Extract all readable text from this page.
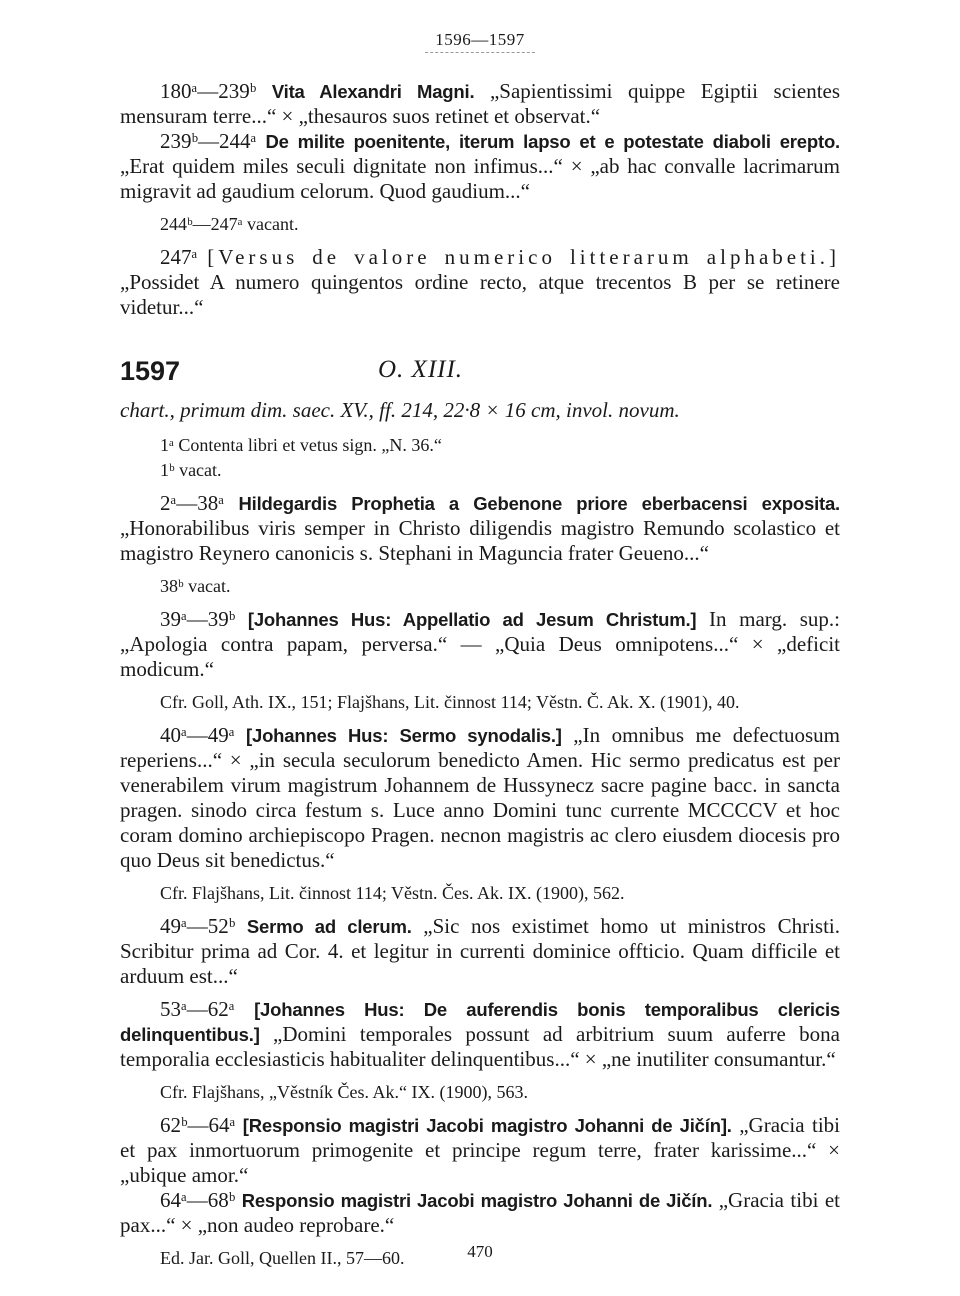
1596—1597

180ᵃ—239ᵇ Vita Alexandri Magni. „Sapientissimi quippe Egiptii scientes mensuram terre...“ × „thesauros suos retinet et observat.“

239ᵇ—244ᵃ De milite poenitente, iterum lapso et e potestate diaboli erepto. „Erat quidem miles seculi dignitate non infimus...“ × „ab hac convalle lacrimarum migravit ad gaudium celorum. Quod gaudium...“

244ᵇ—247ᵃ vacant.

247ᵃ [Versus de valore numerico litterarum alphabeti.] „Possidet A numero quingentos ordine recto, atque trecentos B per se retinere videtur...“

1597	O. XIII.

chart., primum dim. saec. XV., ff. 214, 22·8 × 16 cm, invol. novum.

1ᵃ Contenta libri et vetus sign. „N. 36.“

1ᵇ vacat.

2ᵃ—38ᵃ Hildegardis Prophetia a Gebenone priore eberbacensi exposita. „Honorabilibus viris semper in Christo diligendis magistro Remundo scolastico et magistro Reynero canonicis s. Stephani in Maguncia frater Geueno...“

38ᵇ vacat.

39ᵃ—39ᵇ [Johannes Hus: Appellatio ad Jesum Christum.] In marg. sup.: „Apologia contra papam, perversa.“ — „Quia Deus omnipotens...“ × „deficit modicum.“

Cfr. Goll, Ath. IX., 151; Flajšhans, Lit. činnost 114; Věstn. Č. Ak. X. (1901), 40.

40ᵃ—49ᵃ [Johannes Hus: Sermo synodalis.] „In omnibus me defectuosum reperiens...“ × „in secula seculorum benedicto Amen. Hic sermo predicatus est per venerabilem virum magistrum Johannem de Hussynecz sacre pagine bacc. in sancta pragen. sinodo circa festum s. Luce anno Domini tunc currente MCCCCV et hoc coram domino archiepiscopo Pragen. necnon magistris ac clero eiusdem diocesis pro quo Deus sit benedictus.“

Cfr. Flajšhans, Lit. činnost 114; Věstn. Čes. Ak. IX. (1900), 562.

49ᵃ—52ᵇ Sermo ad clerum. „Sic nos existimet homo ut ministros Christi. Scribitur prima ad Cor. 4. et legitur in currenti dominice offticio. Quam difficile et arduum est...“

53ᵃ—62ᵃ [Johannes Hus: De auferendis bonis temporalibus clericis delinquentibus.] „Domini temporales possunt ad arbitrium suum auferre bona temporalia ecclesiasticis habitualiter delinquentibus...“ × „ne inutiliter consumantur.“

Cfr. Flajšhans, „Věstník Čes. Ak.“ IX. (1900), 563.

62ᵇ—64ᵃ [Responsio magistri Jacobi magistro Johanni de Jičín]. „Gracia tibi et pax inmortuorum primogenite et principe regum terre, frater karissime...“ × „ubique amor.“

64ᵃ—68ᵇ Responsio magistri Jacobi magistro Johanni de Jičín. „Gracia tibi et pax...“ × „non audeo reprobare.“

Ed. Jar. Goll, Quellen II., 57—60.	470
